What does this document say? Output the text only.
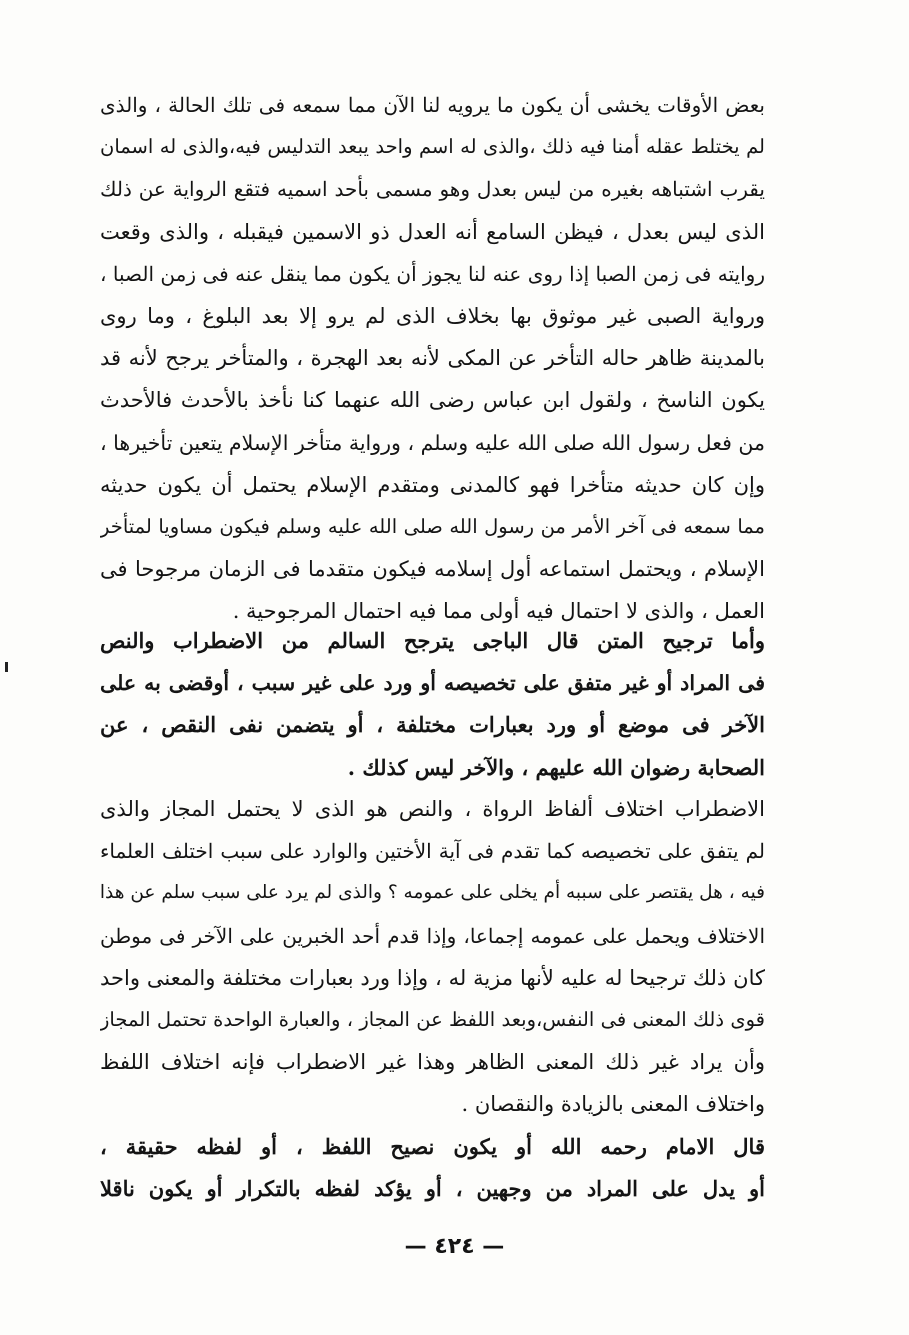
بعض الأوقات يخشى أن يكون ما يرويه لنا الآن مما سمعه فى تلك الحالة ، والذى
لم يختلط عقله أمنا فيه ذلك ،والذى له اسم واحد يبعد التدليس فيه،والذى له اسمان
يقرب اشتباهه بغيره من ليس بعدل وهو مسمى بأحد اسميه فتقع الرواية عن ذلك
الذى ليس بعدل ، فيظن السامع أنه العدل ذو الاسمين فيقبله ، والذى وقعت
روايته فى زمن الصبا إذا روى عنه لنا يجوز أن يكون مما ينقل عنه فى زمن الصبا ،
ورواية الصبى غير موثوق بها بخلاف الذى لم يرو إلا بعد البلوغ ، وما روى
بالمدينة ظاهر حاله التأخر عن المكى لأنه بعد الهجرة ، والمتأخر يرجح لأنه قد
يكون الناسخ ، ولقول ابن عباس رضى الله عنهما كنا نأخذ بالأحدث فالأحدث
من فعل رسول الله صلى الله عليه وسلم ، ورواية متأخر الإسلام يتعين تأخيرها ،
وإن كان حديثه متأخرا فهو كالمدنى ومتقدم الإسلام يحتمل أن يكون حديثه
مما سمعه فى آخر الأمر من رسول الله صلى الله عليه وسلم فيكون مساويا لمتأخر
الإسلام ، ويحتمل استماعه أول إسلامه فيكون متقدما فى الزمان مرجوحا فى
العمل ، والذى لا احتمال فيه أولى مما فيه احتمال المرجوحية .
وأما ترجيح المتن قال الباجى يترجح السالم من الاضطراب والنص
فى المراد أو غير متفق على تخصيصه أو ورد على غير سبب ، أوقضى به على
الآخر فى موضع أو ورد بعبارات مختلفة ، أو يتضمن نفى النقص ، عن
الصحابة رضوان الله عليهم ، والآخر ليس كذلك .
الاضطراب اختلاف ألفاظ الرواة ، والنص هو الذى لا يحتمل المجاز والذى
لم يتفق على تخصيصه كما تقدم فى آية الأختين والوارد على سبب اختلف العلماء
فيه ، هل يقتصر على سببه أم يخلى على عمومه ؟ والذى لم يرد على سبب سلم عن هذا
الاختلاف ويحمل على عمومه إجماعا، وإذا قدم أحد الخبرين على الآخر فى موطن
كان ذلك ترجيحا له عليه لأنها مزية له ، وإذا ورد بعبارات مختلفة والمعنى واحد
قوى ذلك المعنى فى النفس،وبعد اللفظ عن المجاز ، والعبارة الواحدة تحتمل المجاز
وأن يراد غير ذلك المعنى الظاهر وهذا غير الاضطراب فإنه اختلاف اللفظ
واختلاف المعنى بالزيادة والنقصان .
قال الامام رحمه الله أو يكون نصيح اللفظ ، أو لفظه حقيقة ،
أو يدل على المراد من وجهين ، أو يؤكد لفظه بالتكرار أو يكون ناقلا
— ٤٢٤ —
